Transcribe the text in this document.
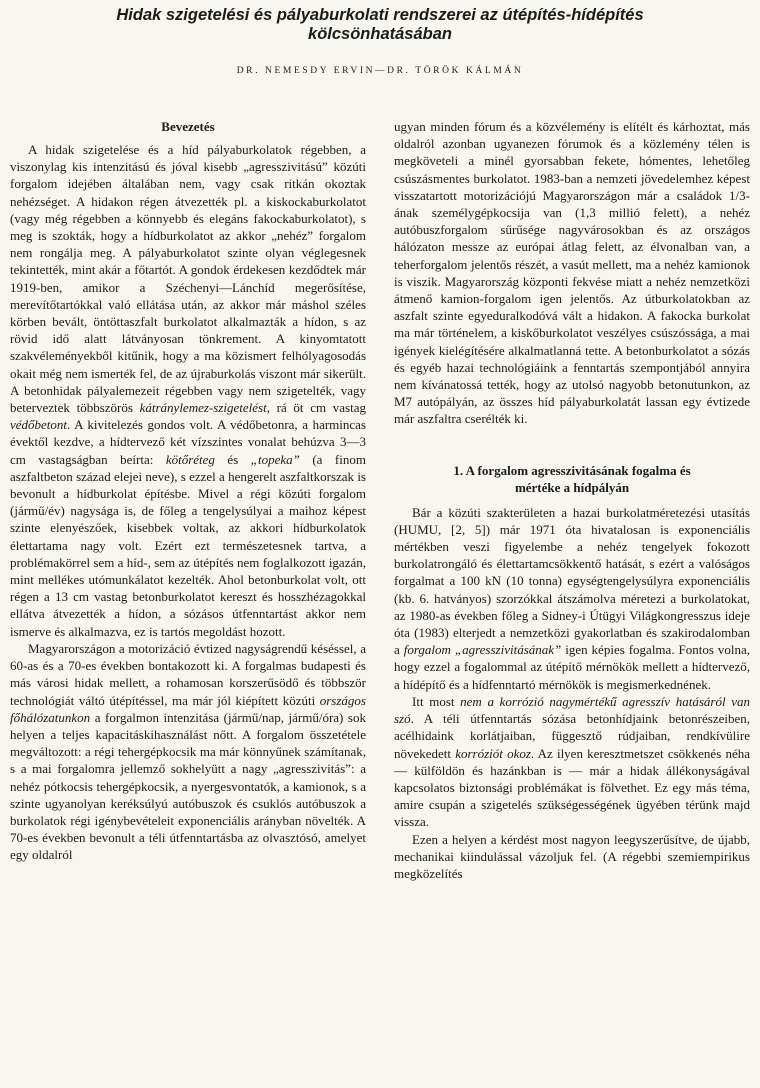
Hidak szigetelési és pályaburkolati rendszerei az útépítés-hídépítés
kölcsönhatásában

DR. NEMESDY ERVIN—DR. TÖRÖK KÁLMÁN

Bevezetés

A hidak szigetelése és a híd pályaburkolatok régebben, a viszonylag kis intenzitású és jóval kisebb „agresszivitású” közúti forgalom idejében általában nem, vagy csak ritkán okoztak nehézséget. A hidakon régen átvezették pl. a kiskockaburkolatot (vagy még régebben a könnyebb és elegáns fakockaburkolatot), s meg is szokták, hogy a hídburkolatot az akkor „nehéz” forgalom nem rongálja meg. A pályaburkolatot szinte olyan véglegesnek tekintették, mint akár a főtartót. A gondok érdekesen kezdődtek már 1919-ben, amikor a Széchenyi—Lánchíd megerősítése, merevítőtartókkal való ellátása után, az akkor már máshol széles körben bevált, öntöttaszfalt burkolatot alkalmazták a hídon, s az rövid idő alatt látványosan tönkrement. A kinyomtatott szakvéleményekből kitűnik, hogy a ma közismert felhólyagosodás okait még nem ismerték fel, de az újraburkolás viszont már sikerült. A betonhidak pályalemezeit régebben vagy nem szigetelték, vagy beterveztek többszörös kátránylemez-szigetelést, rá öt cm vastag védőbetont. A kivitelezés gondos volt. A védőbetonra, a harmincas évektől kezdve, a hídtervező két vízszintes vonalat behúzva 3—3 cm vastagságban beírta: kötőréteg és „topeka” (a finom aszfaltbeton század elejei neve), s ezzel a hengerelt aszfaltkorszak is bevonult a hídburkolat építésbe. Mivel a régi közúti forgalom (jármű/év) nagysága is, de főleg a tengelysúlyai a maihoz képest szinte elenyészőek, kisebbek voltak, az akkori hídburkolatok élettartama nagy volt. Ezért ezt természetesnek tartva, a problémakörrel sem a híd-, sem az útépítés nem foglalkozott igazán, mint mellékes utómunkálatot kezelték. Ahol betonburkolat volt, ott régen a 13 cm vastag betonburkolatot kereszt és hosszhézagokkal ellátva átvezették a hídon, a sózásos útfenntartást akkor nem ismerve és alkalmazva, ez is tartós megoldást hozott.

Magyarországon a motorizáció évtized nagyságrendű késéssel, a 60-as és a 70-es években bontakozott ki. A forgalmas budapesti és más városi hidak mellett, a rohamosan korszerűsödő és többször technológiát váltó útépítéssel, ma már jól kiépített közúti országos főhálózatunkon a forgalmon intenzitása (jármű/nap, jármű/óra) sok helyen a teljes kapacitáskihasználást nőtt. A forgalom összetétele megváltozott: a régi tehergépkocsik ma már könnyűnek számítanak, s a mai forgalomra jellemző sokhelyütt a nagy „agresszivitás”: a nehéz pótkocsis tehergépkocsik, a nyergesvontatók, a kamionok, s a szinte ugyanolyan keréksúlyú autóbuszok és csuklós autóbuszok a burkolatok régi igénybevételeit exponenciális arányban növelték. A 70-es években bevonult a téli útfenntartásba az olvasztósó, amelyet egy oldalról

ugyan minden fórum és a közvélemény is elítélt és kárhoztat, más oldalról azonban ugyanezen fórumok és a közlemény télen is megköveteli a minél gyorsabban fekete, hómentes, lehetőleg csúszásmentes burkolatot. 1983-ban a nemzeti jövedelemhez képest visszatartott motorizációjú Magyarországon már a családok 1/3-ának személygépkocsija van (1,3 millió felett), a nehéz autóbuszforgalom sűrűsége nagyvárosokban és az országos hálózaton messze az európai átlag felett, az élvonalban van, a teherforgalom jelentős részét, a vasút mellett, ma a nehéz kamionok is viszik. Magyarország központi fekvése miatt a nehéz nemzetközi átmenő kamion-forgalom igen jelentős. Az útburkolatokban az aszfalt szinte egyeduralkodóvá vált a hidakon. A fakocka burkolat ma már történelem, a kiskőburkolatot veszélyes csúszóssága, a mai igények kielégítésére alkalmatlanná tette. A betonburkolatot a sózás és egyéb hazai technológiáink a fenntartás szempontjából annyira nem kívánatossá tették, hogy az utolsó nagyobb betonutunkon, az M7 autópályán, az összes híd pályaburkolatát lassan egy évtizede már aszfaltra cserélték ki.

1. A forgalom agresszivitásának fogalma és
mértéke a hídpályán

Bár a közúti szakterületen a hazai burkolatméretezési utasítás (HUMU, [2, 5]) már 1971 óta hivatalosan is exponenciális mértékben veszi figyelembe a nehéz tengelyek fokozott burkolatrongáló és élettartamcsökkentő hatását, s ezért a valóságos forgalmat a 100 kN (10 tonna) egységtengelysúlyra exponenciális (kb. 6. hatványos) szorzókkal átszámolva méretezi a burkolatokat, az 1980-as években főleg a Sidney-i Útügyi Világkongresszus ideje óta (1983) elterjedt a nemzetközi gyakorlatban és szakirodalomban a forgalom „agresszivitásának” igen képies fogalma. Fontos volna, hogy ezzel a fogalommal az útépítő mérnökök mellett a hídtervező, a hídépítő és a hídfenntartó mérnökök is megismerkednének.

Itt most nem a korrózió nagymértékű agresszív hatásáról van szó. A téli útfenntartás sózása betonhídjaink betonrészeiben, acélhidaink korlátjaiban, függesztő rúdjaiban, rendkívülire növekedett korróziót okoz. Az ilyen keresztmetszet csökkenés néha — külföldön és hazánkban is — már a hidak állékonyságával kapcsolatos biztonsági problémákat is fölvethet. Ez egy más téma, amire csupán a szigetelés szükségességének ügyében térünk majd vissza.

Ezen a helyen a kérdést most nagyon leegyszerűsítve, de újabb, mechanikai kiindulással vázoljuk fel. (A régebbi szemiempirikus megközelítés
